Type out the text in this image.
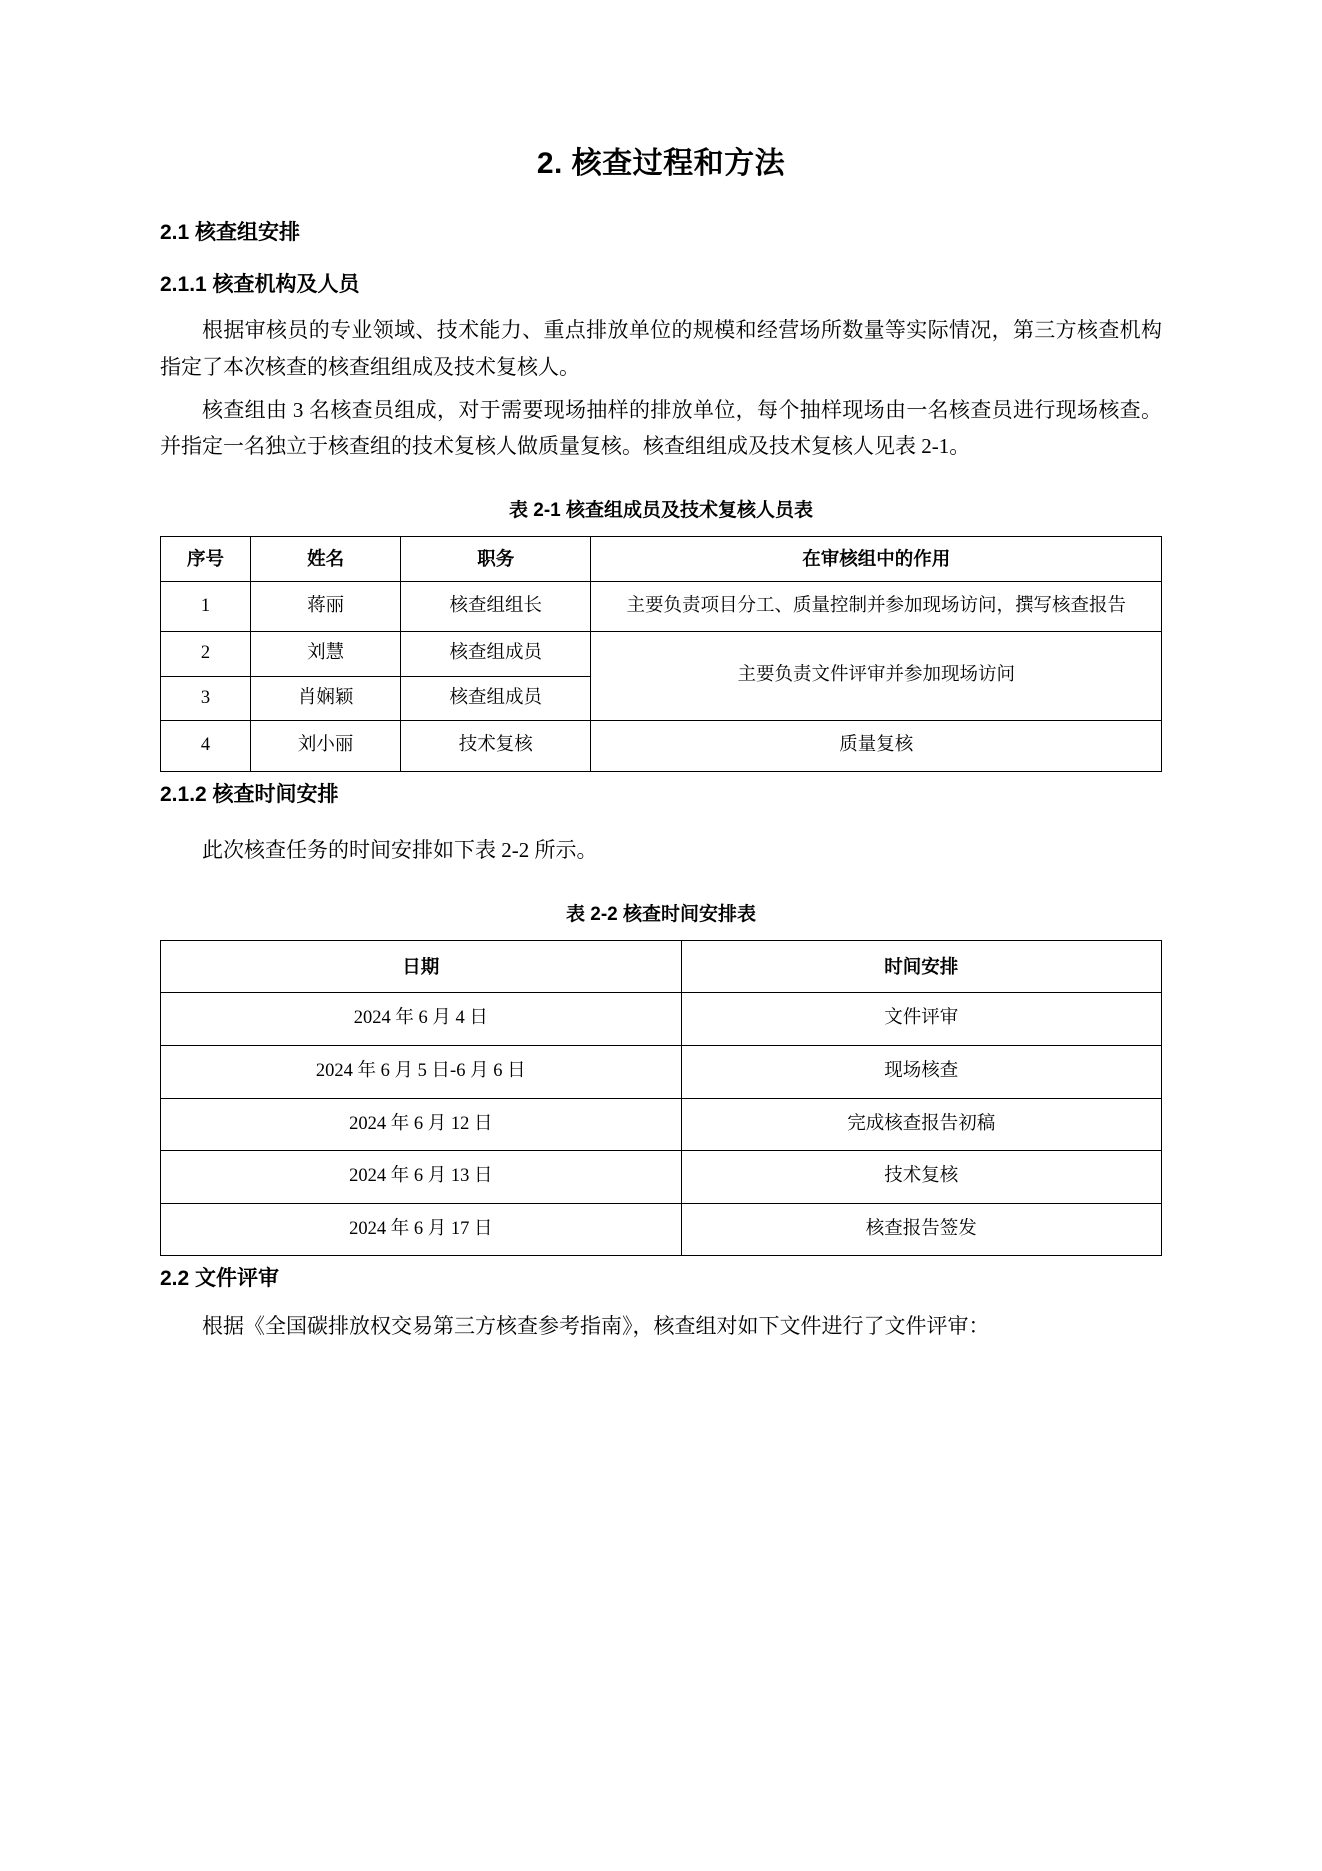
2. 核查过程和方法
2.1 核查组安排
2.1.1 核查机构及人员

根据审核员的专业领域、技术能力、重点排放单位的规模和经营场所数量等实际情况，第三方核查机构指定了本次核查的核查组组成及技术复核人。

核查组由 3 名核查员组成，对于需要现场抽样的排放单位，每个抽样现场由一名核查员进行现场核查。并指定一名独立于核查组的技术复核人做质量复核。核查组组成及技术复核人见表 2-1。

表 2-1 核查组成员及技术复核人员表
序号	姓名	职务	在审核组中的作用
1	蒋丽	核查组组长	主要负责项目分工、质量控制并参加现场访问，撰写核查报告
2	刘慧	核查组成员	主要负责文件评审并参加现场访问
3	肖娴颖	核查组成员	
4	刘小丽	技术复核	质量复核
2.1.2 核查时间安排

此次核查任务的时间安排如下表 2-2 所示。

表 2-2 核查时间安排表
日期	时间安排
2024 年 6 月 4 日	文件评审
2024 年 6 月 5 日-6 月 6 日	现场核查
2024 年 6 月 12 日	完成核查报告初稿
2024 年 6 月 13 日	技术复核
2024 年 6 月 17 日	核查报告签发
2.2 文件评审

根据《全国碳排放权交易第三方核查参考指南》，核查组对如下文件进行了文件评审：
